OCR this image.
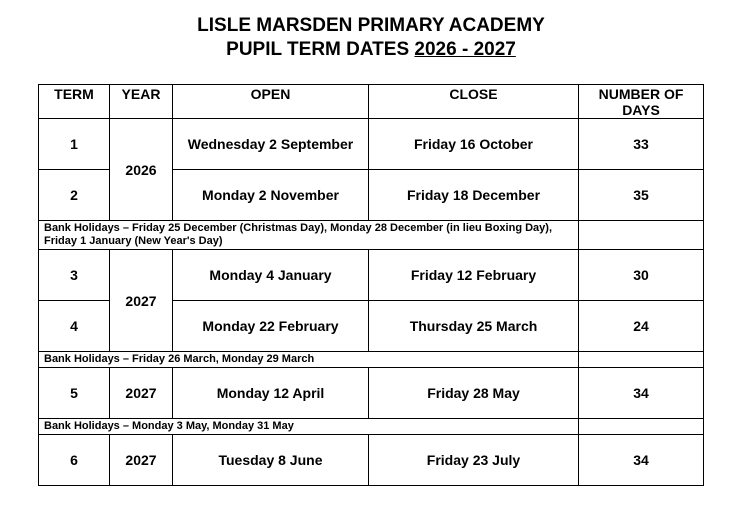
LISLE MARSDEN PRIMARY ACADEMY
PUPIL TERM DATES 2026 - 2027
TERM	YEAR	OPEN	CLOSE	NUMBER OF DAYS
1	2026	Wednesday 2 September	Friday 16 October	33
2		Monday 2 November	Friday 18 December	35
Bank Holidays – Friday 25 December (Christmas Day), Monday 28 December (in lieu Boxing Day), Friday 1 January (New Year's Day)				
3	2027	Monday 4 January	Friday 12 February	30
4		Monday 22 February	Thursday 25 March	24
Bank Holidays – Friday 26 March, Monday 29 March				
5	2027	Monday 12 April	Friday 28 May	34
Bank Holidays – Monday 3 May, Monday 31 May				
6	2027	Tuesday 8 June	Friday 23 July	34
